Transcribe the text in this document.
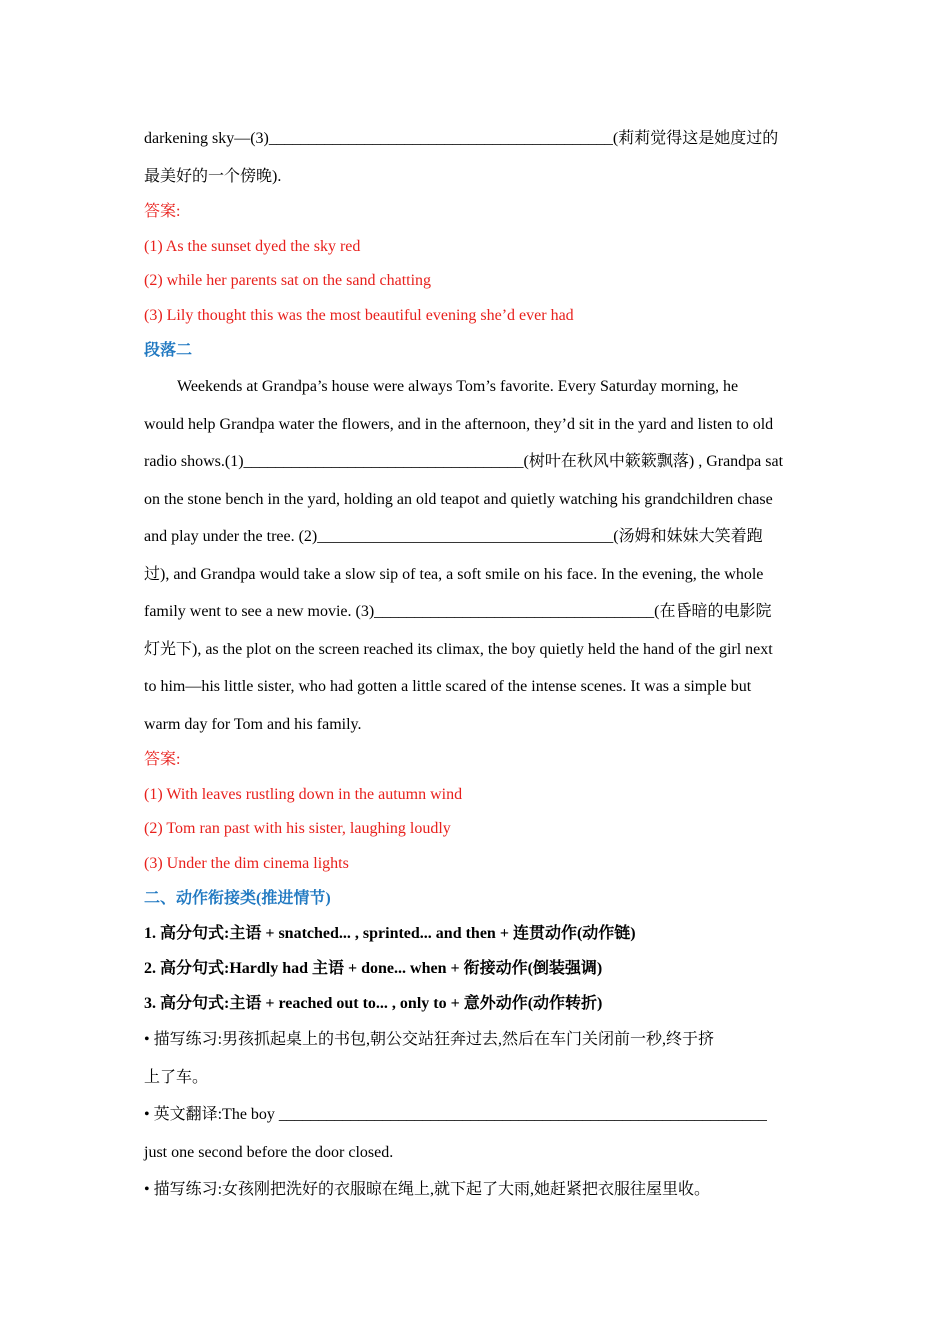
darkening sky—(3)___________________________________________(莉莉觉得这是她度过的
最美好的一个傍晚).
答案:
(1) As the sunset dyed the sky red
(2) while her parents sat on the sand chatting
(3) Lily thought this was the most beautiful evening she’d ever had
段落二
Weekends at Grandpa’s house were always Tom’s favorite. Every Saturday morning, he
would help Grandpa water the flowers, and in the afternoon, they’d sit in the yard and listen to old
radio shows.(1)___________________________________(树叶在秋风中簌簌飘落) , Grandpa sat
on the stone bench in the yard, holding an old teapot and quietly watching his grandchildren chase
and play under the tree. (2)_____________________________________(汤姆和妹妹大笑着跑
过), and Grandpa would take a slow sip of tea, a soft smile on his face. In the evening, the whole
family went to see a new movie. (3)___________________________________(在昏暗的电影院
灯光下), as the plot on the screen reached its climax, the boy quietly held the hand of the girl next
to him—his little sister, who had gotten a little scared of the intense scenes. It was a simple but
warm day for Tom and his family.
答案:
(1) With leaves rustling down in the autumn wind
(2) Tom ran past with his sister, laughing loudly
(3) Under the dim cinema lights
二、动作衔接类(推进情节)
1. 高分句式:主语 + snatched... , sprinted... and then + 连贯动作(动作链)
2. 高分句式:Hardly had 主语 + done... when + 衔接动作(倒装强调)
3. 高分句式:主语 + reached out to... , only to + 意外动作(动作转折)
• 描写练习:男孩抓起桌上的书包,朝公交站狂奔过去,然后在车门关闭前一秒,终于挤
上了车。
• 英文翻译:The boy _____________________________________________________________
just one second before the door closed.
• 描写练习:女孩刚把洗好的衣服晾在绳上,就下起了大雨,她赶紧把衣服往屋里收。
